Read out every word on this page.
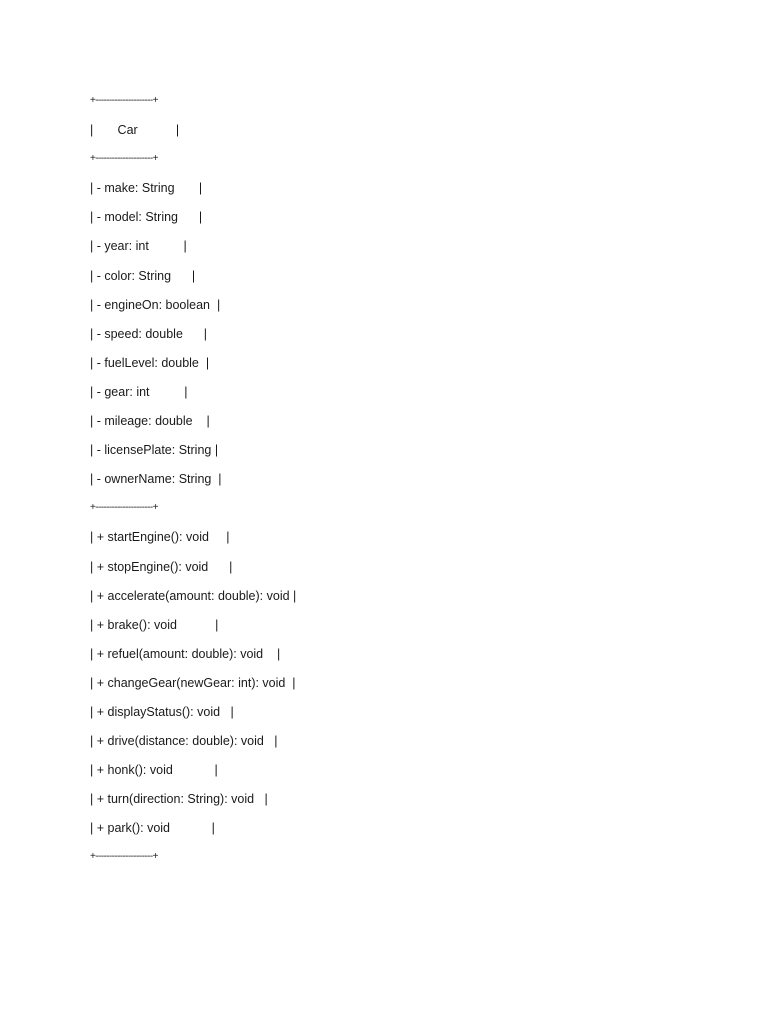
+---------------------+
|       Car           |
+---------------------+
| - make: String       |
| - model: String      |
| - year: int          |
| - color: String      |
| - engineOn: boolean  |
| - speed: double      |
| - fuelLevel: double  |
| - gear: int          |
| - mileage: double    |
| - licensePlate: String |
| - ownerName: String  |
+---------------------+
| + startEngine(): void     |
| + stopEngine(): void      |
| + accelerate(amount: double): void |
| + brake(): void           |
| + refuel(amount: double): void    |
| + changeGear(newGear: int): void  |
| + displayStatus(): void   |
| + drive(distance: double): void   |
| + honk(): void            |
| + turn(direction: String): void   |
| + park(): void            |
+---------------------+
